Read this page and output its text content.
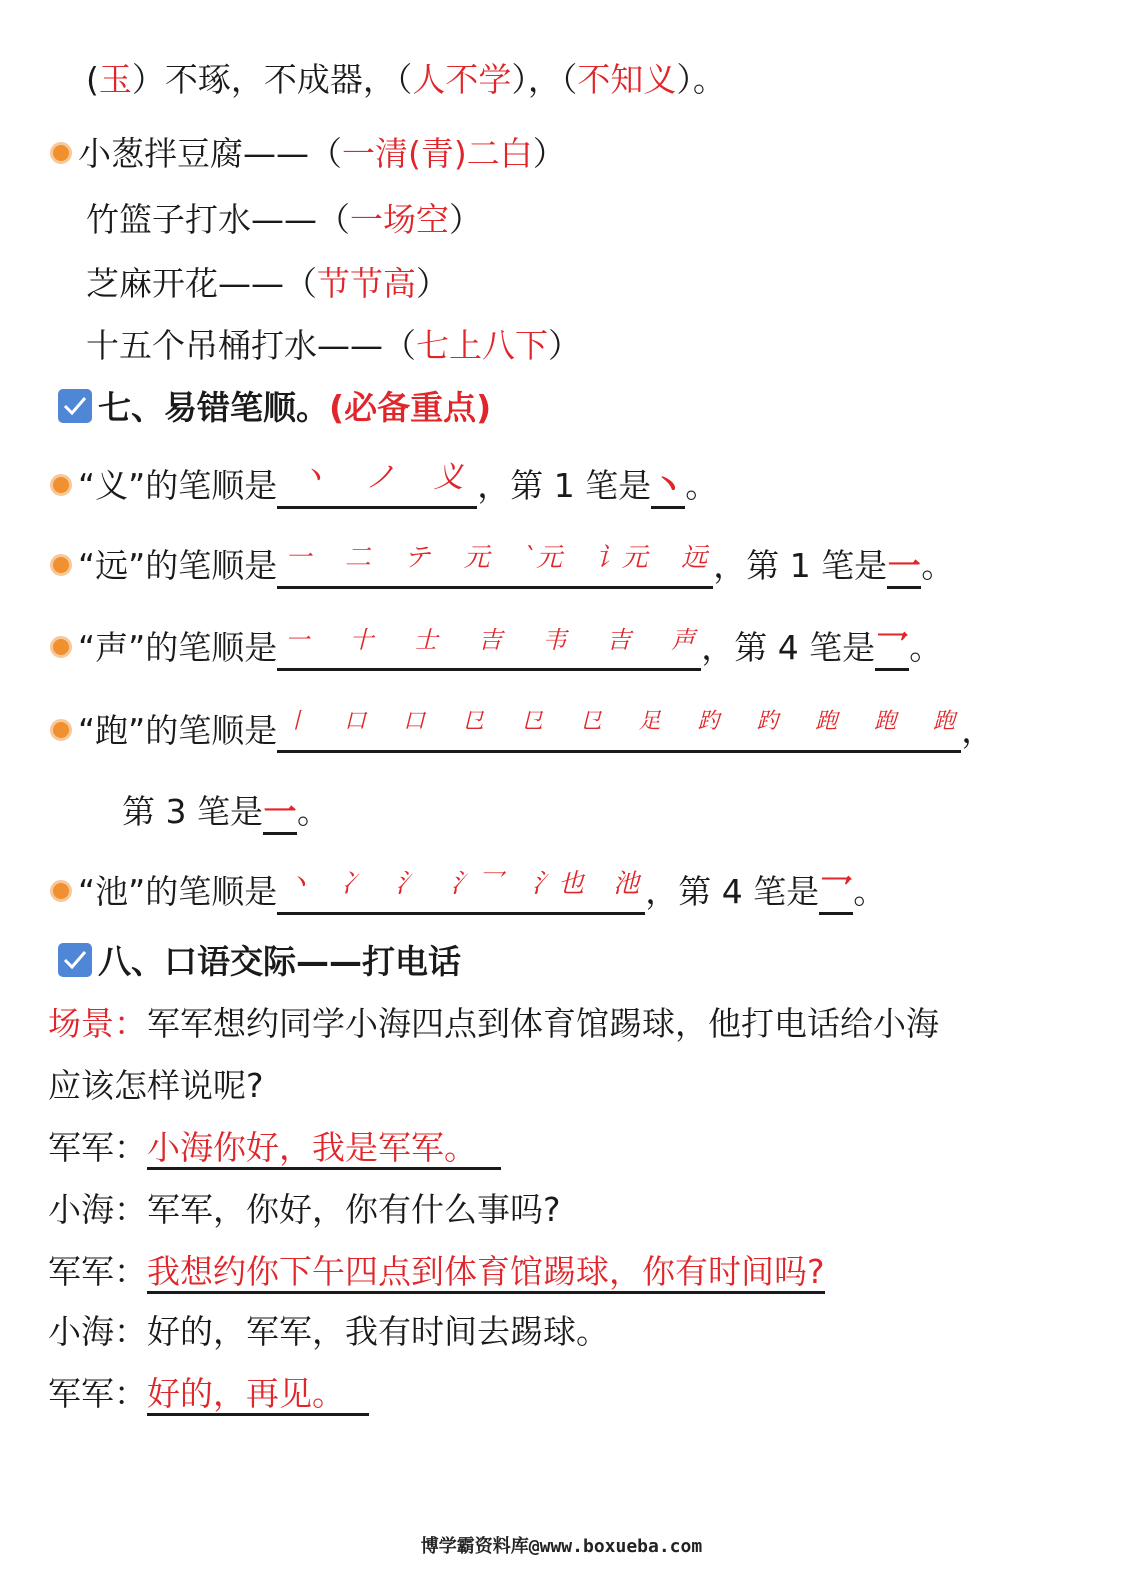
(玉）不琢，不成器，（人不学），（不知义）。
小葱拌豆腐——（一清(青)二白）
竹篮子打水——（一场空）
芝麻开花——（节节高）
十五个吊桶打水——（七上八下）
七、易错笔顺。(必备重点)
“义”的笔顺是 丶 ノ 义 ，第 1 笔是丶。
“远”的笔顺是 一 二 テ 元 `元 讠元 远 ，第 1 笔是一。
“声”的笔顺是 一 十 士 吉 韦 吉 声 ，第 4 笔是乛。
“跑”的笔顺是 丨 口 口 㔾 㔾 㔾 足 趵 趵 跑 跑 跑 ，
第 3 笔是一。
“池”的笔顺是 丶 冫 氵 氵乛 氵也 池 ，第 4 笔是乛。
八、口语交际——打电话
场景：军军想约同学小海四点到体育馆踢球，他打电话给小海
应该怎样说呢?
军军：小海你好，我是军军。
小海：军军，你好，你有什么事吗?
军军：我想约你下午四点到体育馆踢球，你有时间吗?
小海：好的，军军，我有时间去踢球。
军军：好的，再见。
博学霸资料库@www.boxueba.com
